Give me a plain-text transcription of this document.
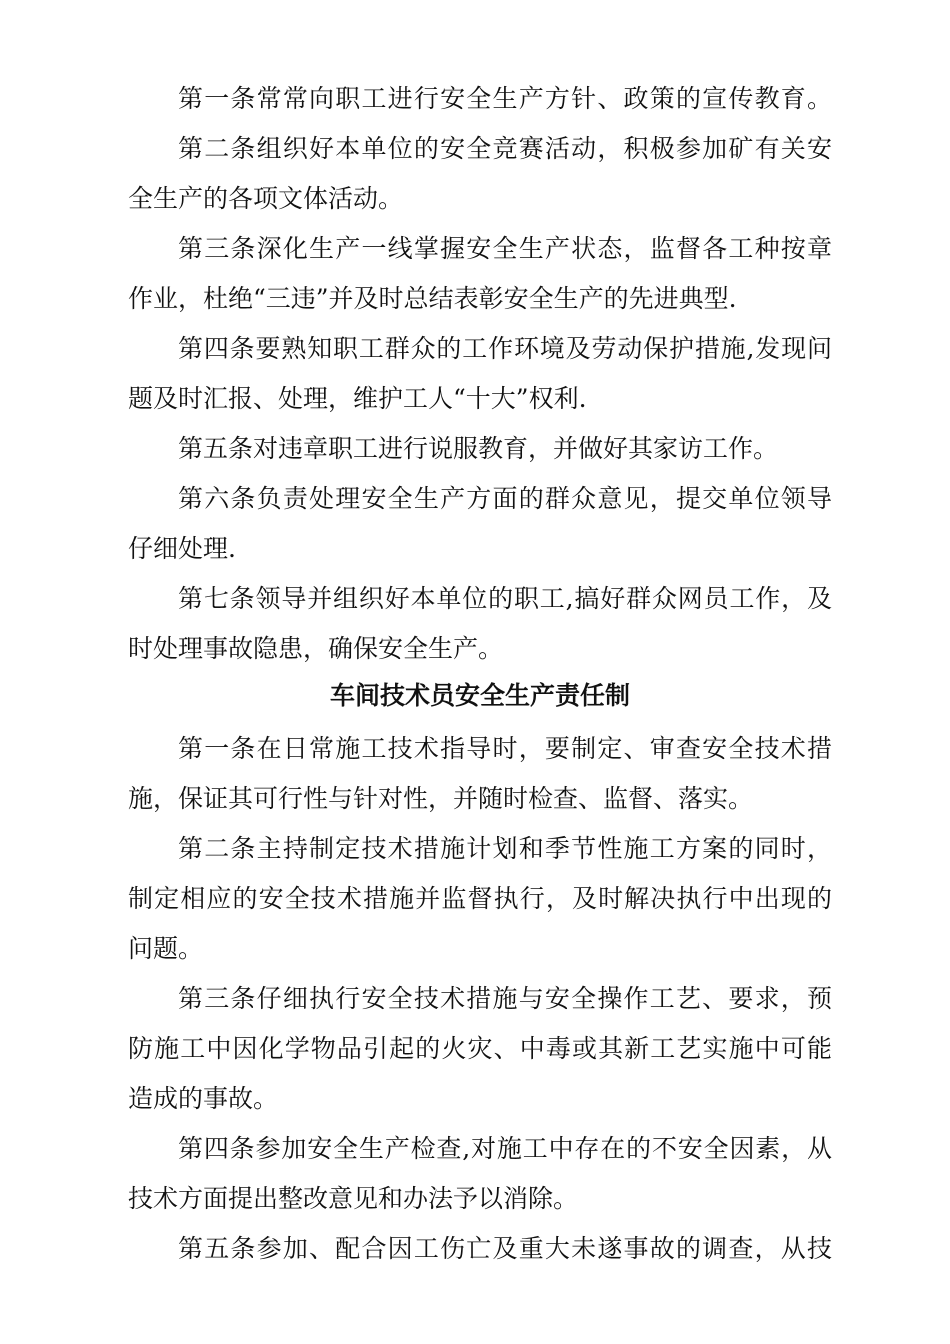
第一条常常向职工进行安全生产方针、政策的宣传教育。
第二条组织好本单位的安全竞赛活动，积极参加矿有关安
全生产的各项文体活动。
第三条深化生产一线掌握安全生产状态，监督各工种按章
作业，杜绝“三违”并及时总结表彰安全生产的先进典型.
第四条要熟知职工群众的工作环境及劳动保护措施,发现问
题及时汇报、处理，维护工人“十大”权利.
第五条对违章职工进行说服教育，并做好其家访工作。
第六条负责处理安全生产方面的群众意见，提交单位领导
仔细处理.
第七条领导并组织好本单位的职工,搞好群众网员工作，及
时处理事故隐患，确保安全生产。
车间技术员安全生产责任制
第一条在日常施工技术指导时，要制定、审查安全技术措
施，保证其可行性与针对性，并随时检查、监督、落实。
第二条主持制定技术措施计划和季节性施工方案的同时，
制定相应的安全技术措施并监督执行，及时解决执行中出现的
问题。
第三条仔细执行安全技术措施与安全操作工艺、要求，预
防施工中因化学物品引起的火灾、中毒或其新工艺实施中可能
造成的事故。
第四条参加安全生产检查,对施工中存在的不安全因素，从
技术方面提出整改意见和办法予以消除。
第五条参加、配合因工伤亡及重大未遂事故的调查，从技
